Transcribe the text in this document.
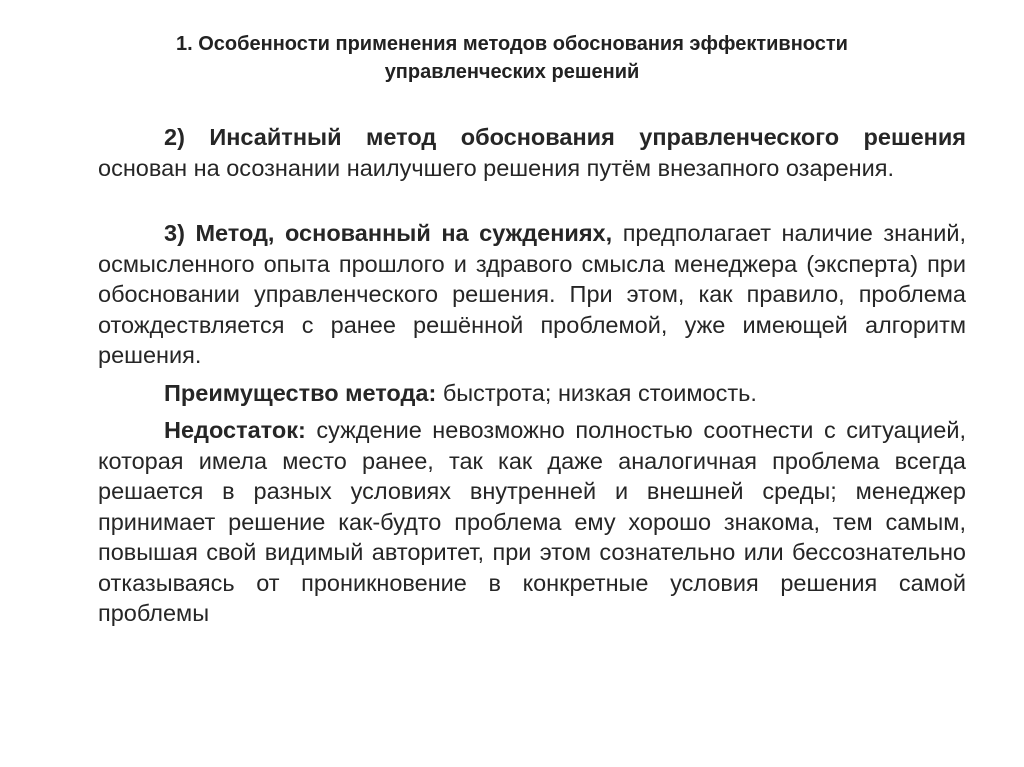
1. Особенности применения методов обоснования эффективности
управленческих решений

2) Инсайтный метод обоснования управленческого решения основан на осознании наилучшего решения путём внезапного озарения.

3) Метод, основанный на суждениях, предполагает наличие знаний, осмысленного опыта прошлого и здравого смысла менеджера (эксперта) при обосновании управленческого решения. При этом, как правило, проблема отождествляется с ранее решённой проблемой, уже имеющей алгоритм решения.

Преимущество метода: быстрота; низкая стоимость.

Недостаток: суждение невозможно полностью соотнести с ситуацией, которая имела место ранее, так как даже аналогичная проблема всегда решается в разных условиях внутренней и внешней среды; менеджер принимает решение как-будто проблема ему хорошо знакома, тем самым, повышая свой видимый авторитет, при этом сознательно или бессознательно отказываясь от проникновение в конкретные условия решения самой проблемы
